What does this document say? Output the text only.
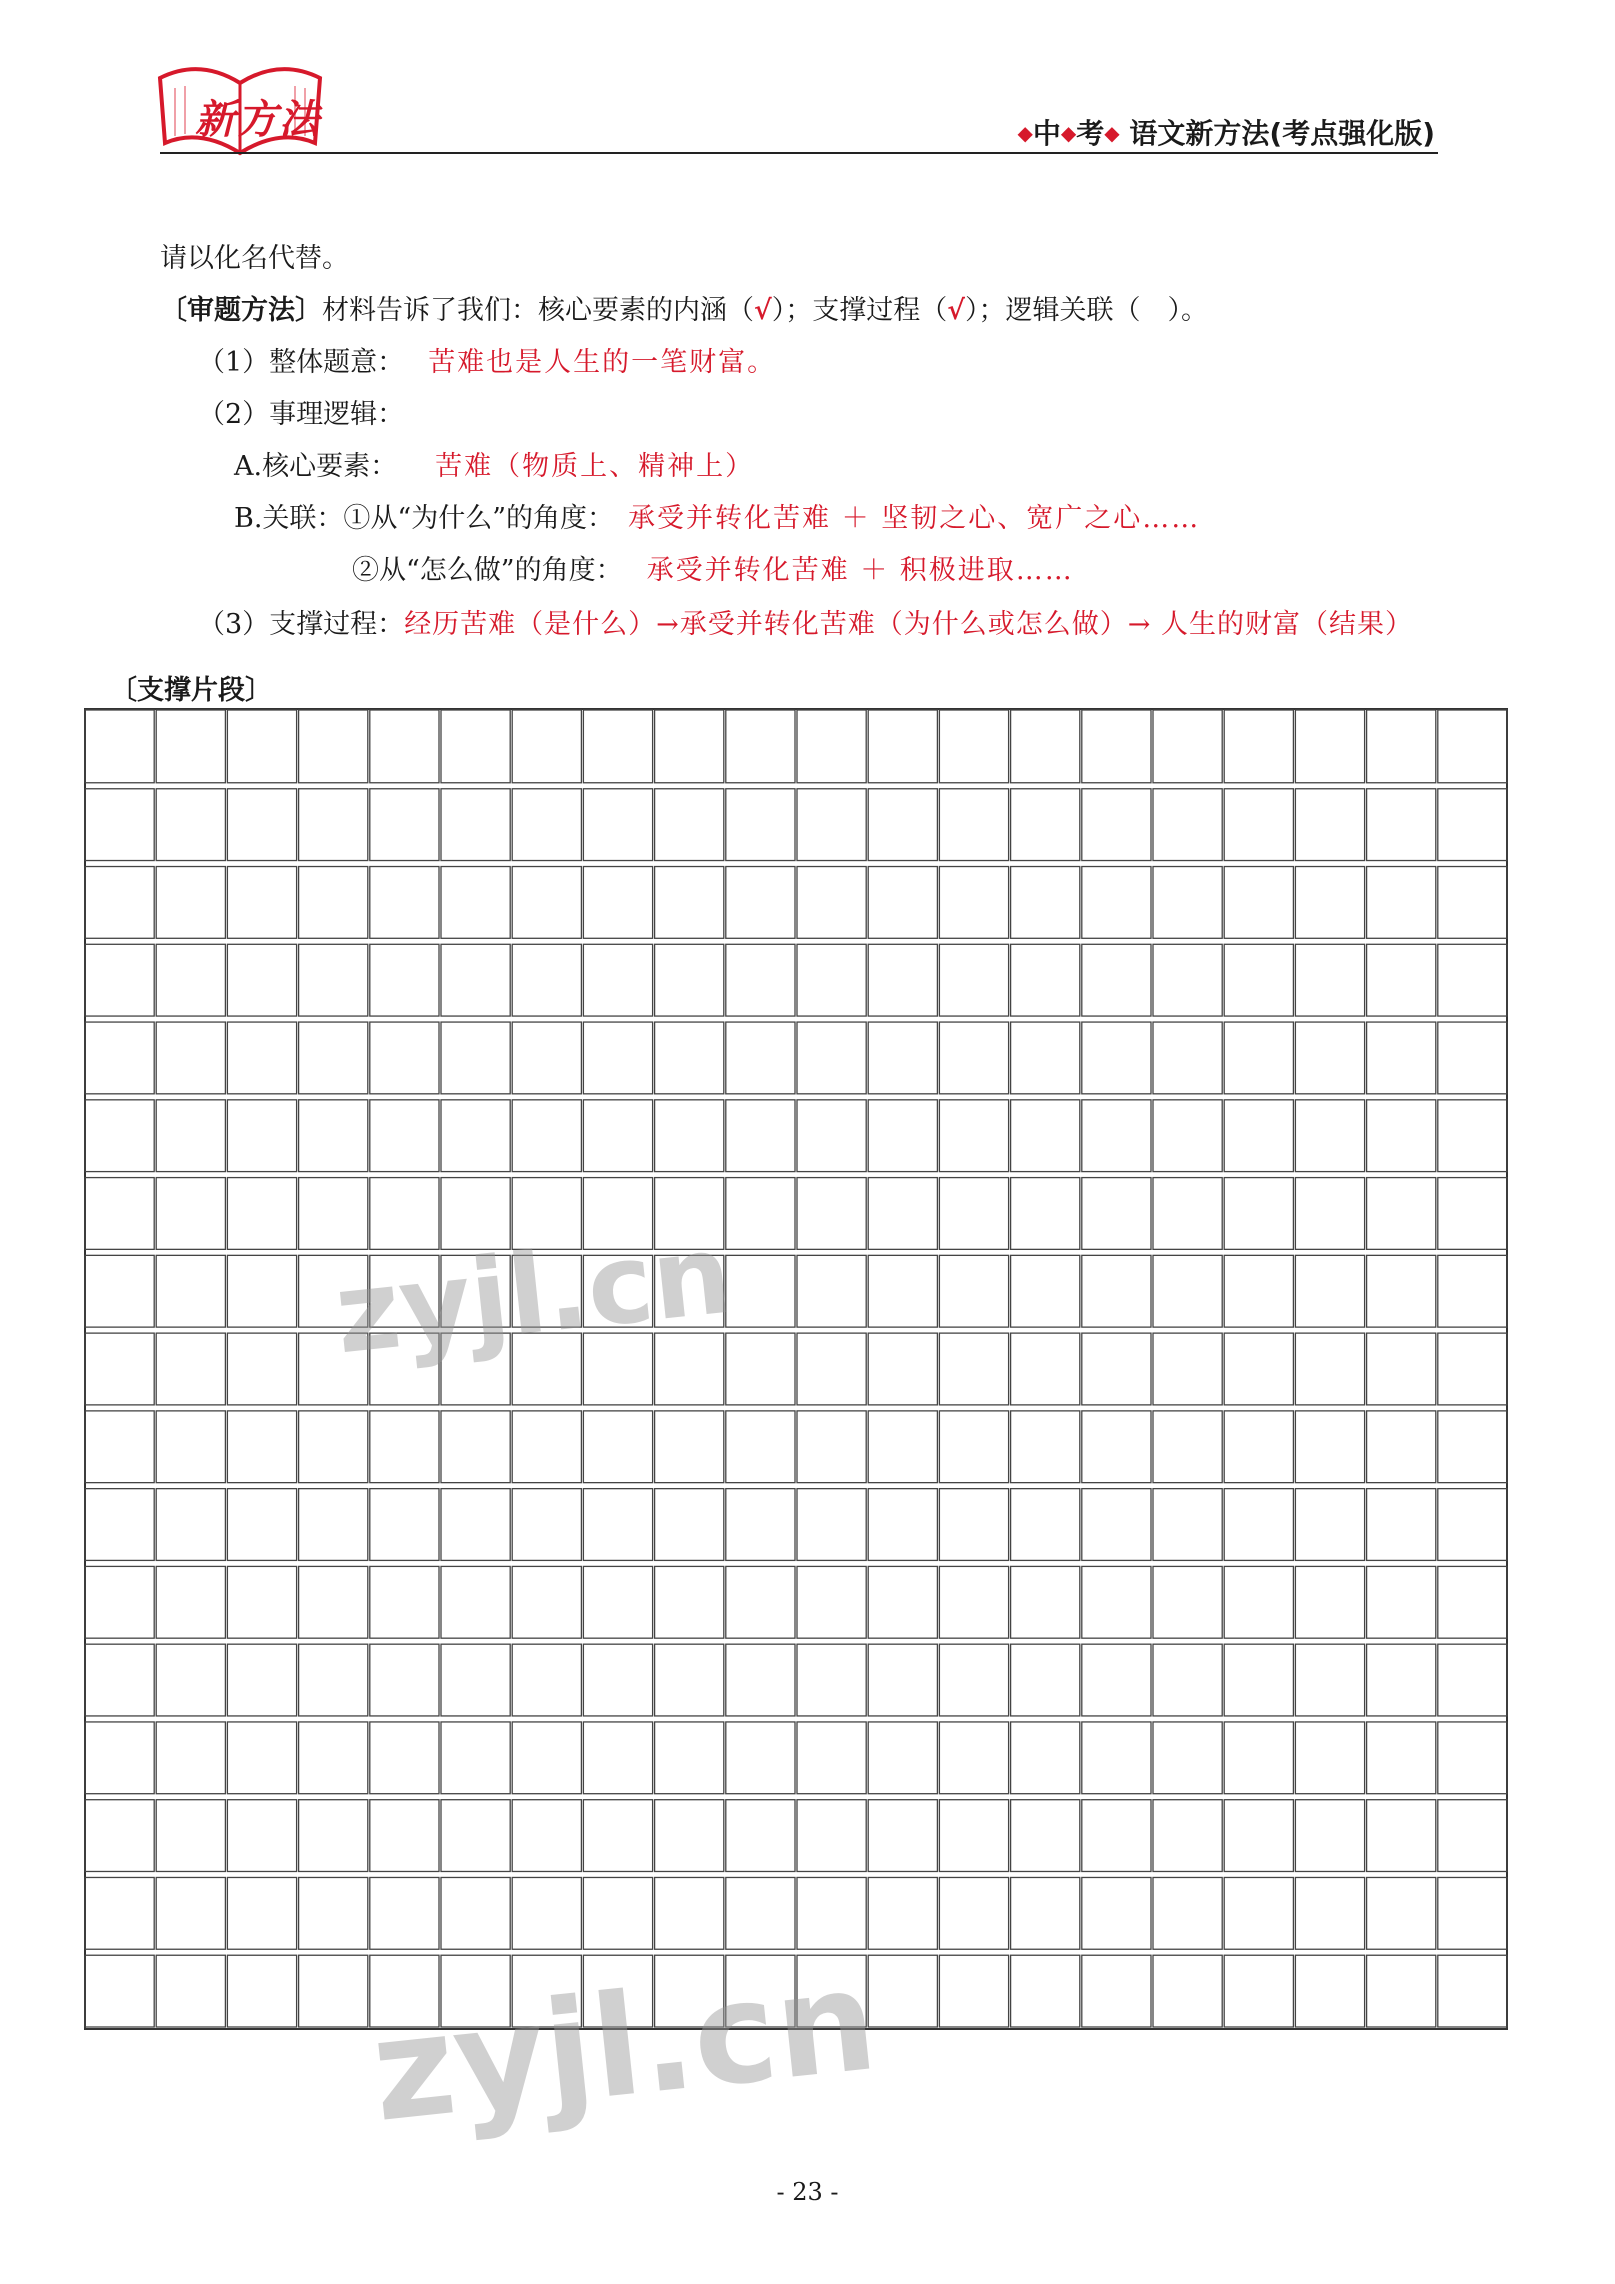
新方法	◆中◆考◆ 语文新方法(考点强化版)
请以化名代替。
〔审题方法〕材料告诉了我们：核心要素的内涵（√）；支撑过程（√）；逻辑关联（　）。
（1）整体题意： 苦难也是人生的一笔财富。
（2）事理逻辑：
A.核心要素： 苦难（物质上、精神上）
B.关联：①从“为什么”的角度： 承受并转化苦难 ＋ 坚韧之心、宽广之心……
②从“怎么做”的角度： 承受并转化苦难 ＋ 积极进取……
（3）支撑过程：经历苦难（是什么）→承受并转化苦难（为什么或怎么做）→ 人生的财富（结果）
〔支撑片段〕
zyjl.cn
zyjl.cn
- 23 -
